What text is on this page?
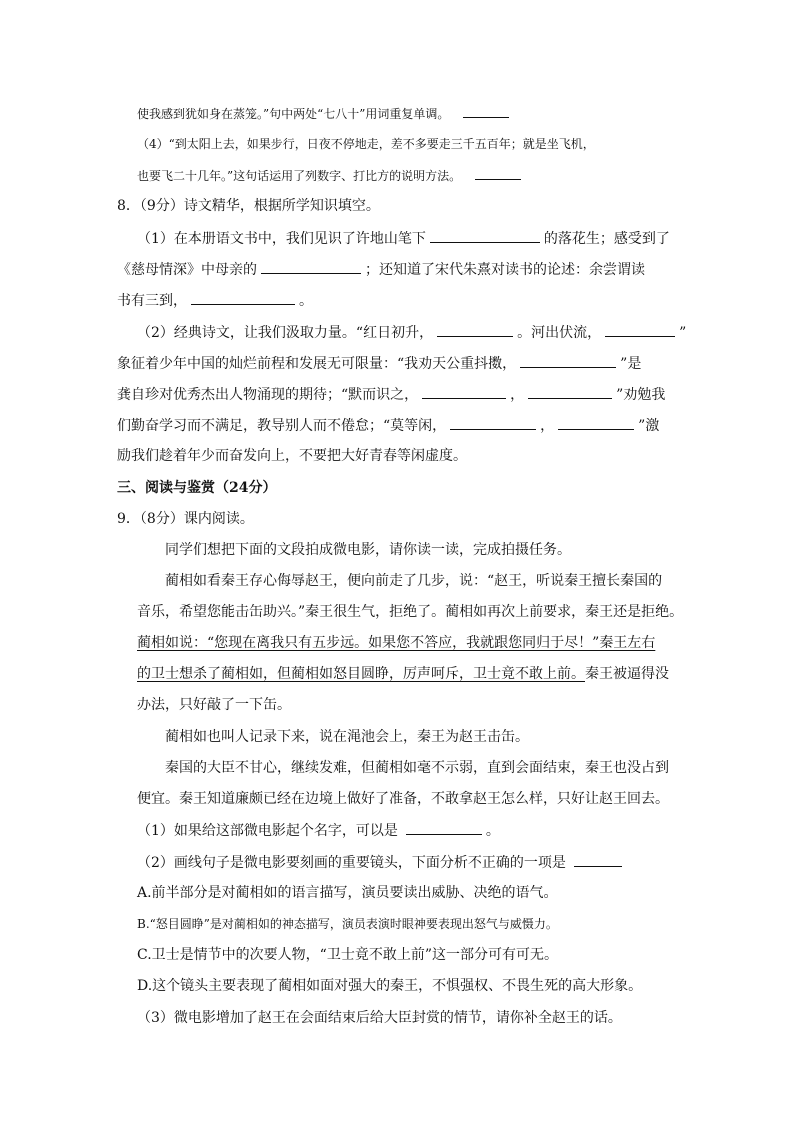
使我感到犹如身在蒸笼。”句中两处“七八十”用词重复单调。
（4）“到太阳上去，如果步行，日夜不停地走，差不多要走三千五百年；就是坐飞机，
也要飞二十几年。”这句话运用了列数字、打比方的说明方法。
8．（9分）诗文精华，根据所学知识填空。
（1）在本册语文书中，我们见识了许地山笔下	的落花生；感受到了
《慈母情深》中母亲的	；还知道了宋代朱熹对读书的论述：余尝谓读
书有三到，	。
（2）经典诗文，让我们汲取力量。“红日初升，	。河出伏流，	”
象征着少年中国的灿烂前程和发展无可限量：“我劝天公重抖擞，	”是
龚自珍对优秀杰出人物涌现的期待；“默而识之，	，	”劝勉我
们勤奋学习而不满足，教导别人而不倦怠；“莫等闲，	，	”激
励我们趁着年少而奋发向上，不要把大好青春等闲虚度。
三、阅读与鉴赏（24分）
9．（8分）课内阅读。
同学们想把下面的文段拍成微电影，请你读一读，完成拍摄任务。
蔺相如看秦王存心侮辱赵王，便向前走了几步，说：“赵王，听说秦王擅长秦国的
音乐，希望您能击缶助兴。”秦王很生气，拒绝了。蔺相如再次上前要求，秦王还是拒绝。
蔺相如说：“您现在离我只有五步远。如果您不答应，我就跟您同归于尽！”秦王左右
的卫士想杀了蔺相如，但蔺相如怒目圆睁，厉声呵斥，卫士竟不敢上前。秦王被逼得没
办法，只好敲了一下缶。
蔺相如也叫人记录下来，说在渑池会上，秦王为赵王击缶。
秦国的大臣不甘心，继续发难，但蔺相如毫不示弱，直到会面结束，秦王也没占到
便宜。秦王知道廉颇已经在边境上做好了准备，不敢拿赵王怎么样，只好让赵王回去。
（1）如果给这部微电影起个名字，可以是	。
（2）画线句子是微电影要刻画的重要镜头，下面分析不正确的一项是
A.前半部分是对蔺相如的语言描写，演员要读出威胁、决绝的语气。
B.“怒目圆睁”是对蔺相如的神态描写，演员表演时眼神要表现出怒气与威慑力。
C.卫士是情节中的次要人物，“卫士竟不敢上前”这一部分可有可无。
D.这个镜头主要表现了蔺相如面对强大的秦王，不惧强权、不畏生死的高大形象。
（3）微电影增加了赵王在会面结束后给大臣封赏的情节，请你补全赵王的话。
